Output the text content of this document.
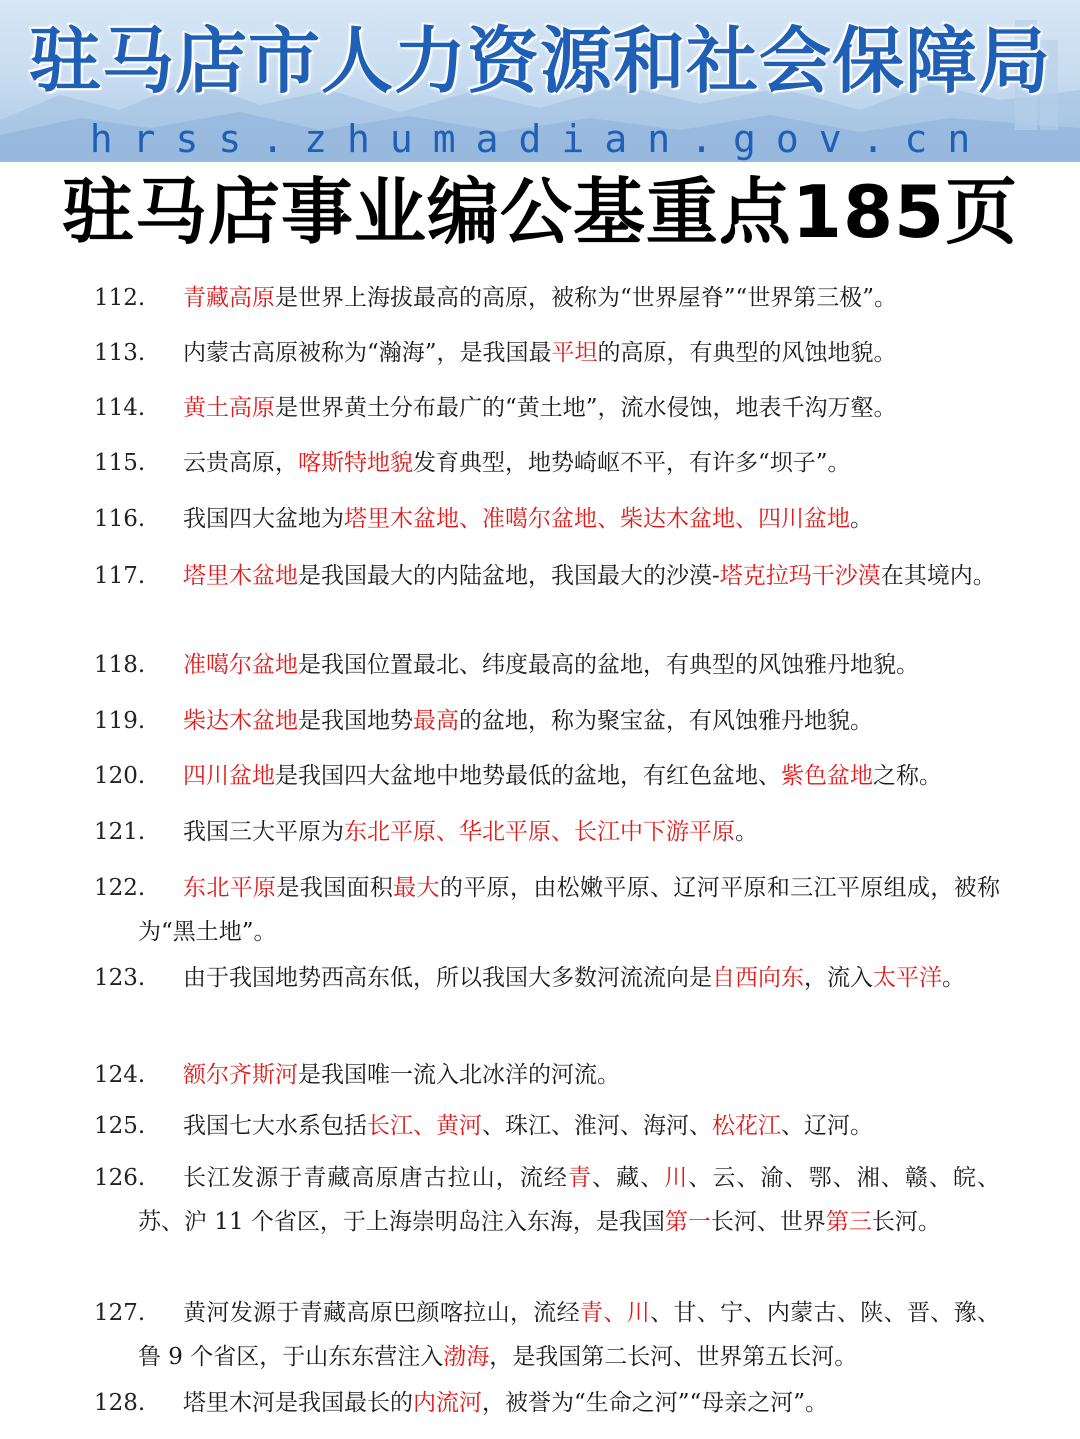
驻马店市人力资源和社会保障局
hrss.zhumadian.gov.cn
驻马店事业编公基重点185页
112.	青藏高原是世界上海拔最高的高原，被称为“世界屋脊”“世界第三极”。
113.	内蒙古高原被称为“瀚海”，是我国最平坦的高原，有典型的风蚀地貌。
114.	黄土高原是世界黄土分布最广的“黄土地”，流水侵蚀，地表千沟万壑。
115.	云贵高原，喀斯特地貌发育典型，地势崎岖不平，有许多“坝子”。
116.	我国四大盆地为塔里木盆地、准噶尔盆地、柴达木盆地、四川盆地。
117.	塔里木盆地是我国最大的内陆盆地，我国最大的沙漠-塔克拉玛干沙漠在其境内。
118.	准噶尔盆地是我国位置最北、纬度最高的盆地，有典型的风蚀雅丹地貌。
119.	柴达木盆地是我国地势最高的盆地，称为聚宝盆，有风蚀雅丹地貌。
120.	四川盆地是我国四大盆地中地势最低的盆地，有红色盆地、紫色盆地之称。
121.	我国三大平原为东北平原、华北平原、长江中下游平原。
122.	东北平原是我国面积最大的平原，由松嫩平原、辽河平原和三江平原组成，被称为“黑土地”。
123.	由于我国地势西高东低，所以我国大多数河流流向是自西向东，流入太平洋。
124.	额尔齐斯河是我国唯一流入北冰洋的河流。
125.	我国七大水系包括长江、黄河、珠江、淮河、海河、松花江、辽河。
126.	长江发源于青藏高原唐古拉山，流经青、藏、川、云、渝、鄂、湘、赣、皖、苏、沪 11 个省区，于上海崇明岛注入东海，是我国第一长河、世界第三长河。
127.	黄河发源于青藏高原巴颜喀拉山，流经青、川、甘、宁、内蒙古、陕、晋、豫、鲁 9 个省区，于山东东营注入渤海，是我国第二长河、世界第五长河。
128.	塔里木河是我国最长的内流河，被誉为“生命之河”“母亲之河”。
